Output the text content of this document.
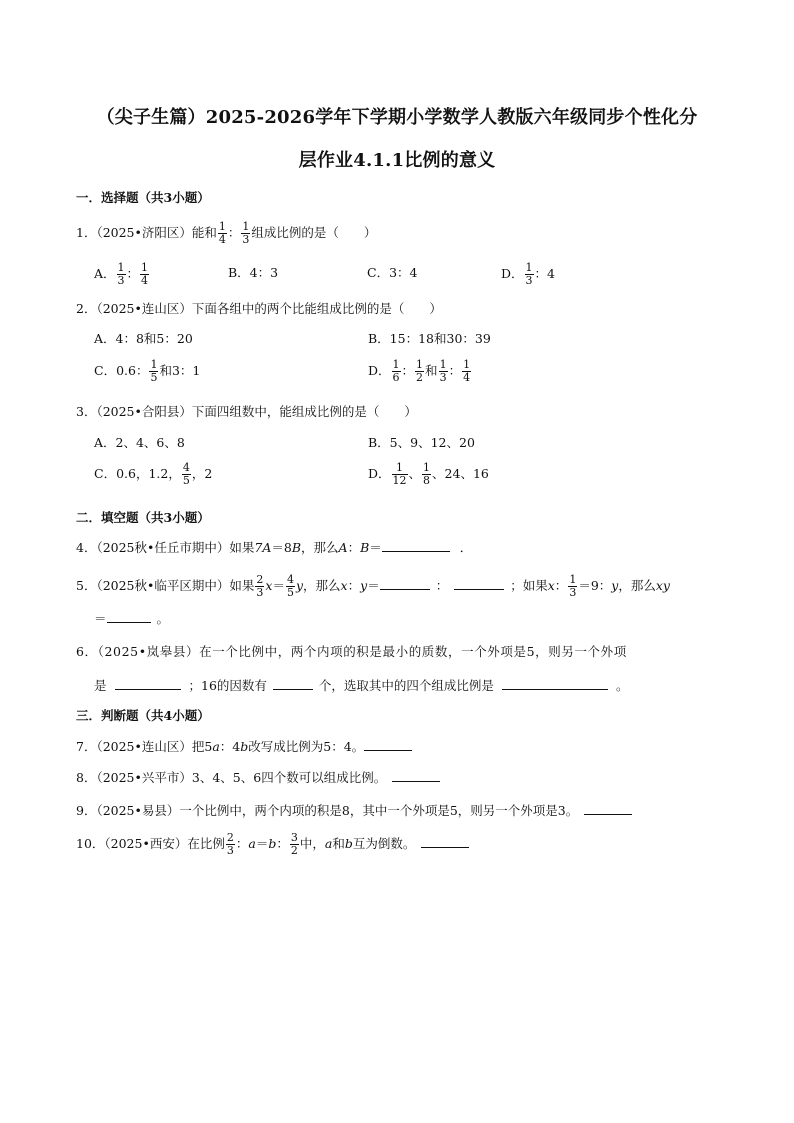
（尖子生篇）2025-2026学年下学期小学数学人教版六年级同步个性化分
层作业4.1.1比例的意义
一．选择题（共3小题）
1．（2025•济阳区）能和 $\frac{1}{4}$ ： $\frac{1}{3}$ 组成比例的是（　　）
A． $\frac{1}{3}$ ： $\frac{1}{4}$	B．4：3	C．3：4	D． $\frac{1}{3}$ ：4
2．（2025•连山区）下面各组中的两个比能组成比例的是（　　）
A．4：8和5：20	B．15：18和30：39
C．0.6： $\frac{1}{5}$ 和3：1	D． $\frac{1}{6}$ ： $\frac{1}{2}$ 和 $\frac{1}{3}$ ： $\frac{1}{4}$
3．（2025•合阳县）下面四组数中，能组成比例的是（　　）
A．2、4、6、8	B．5、9、12、20
C．0.6，1.2， $\frac{4}{5}$ ，2	D． $\frac{1}{12}$ 、 $\frac{1}{8}$ 、24、16
二．填空题（共3小题）
4．（2025秋•任丘市期中）如果7A＝8B，那么A：B＝	．
5．（2025秋•临平区期中）如果 $\frac{2}{3} x= \frac{4}{5}$ y，那么x：y＝	：	；如果x： $\frac{1}{3} =9$：y，那么xy
＝	。
6．（2025•岚皋县）在一个比例中，两个内项的积是最小的质数，一个外项是5，则另一个外项
是	；16的因数有	个，选取其中的四个组成比例是	。
三．判断题（共4小题）
7．（2025•连山区）把5a：4b改写成比例为5：4。
8．（2025•兴平市）3、4、5、6四个数可以组成比例。
9．（2025•易县）一个比例中，两个内项的积是8，其中一个外项是5，则另一个外项是3。
10．（2025•西安）在比例 $\frac{2}{3}$ ：a＝b： $\frac{3}{2}$ 中，a和b互为倒数。
